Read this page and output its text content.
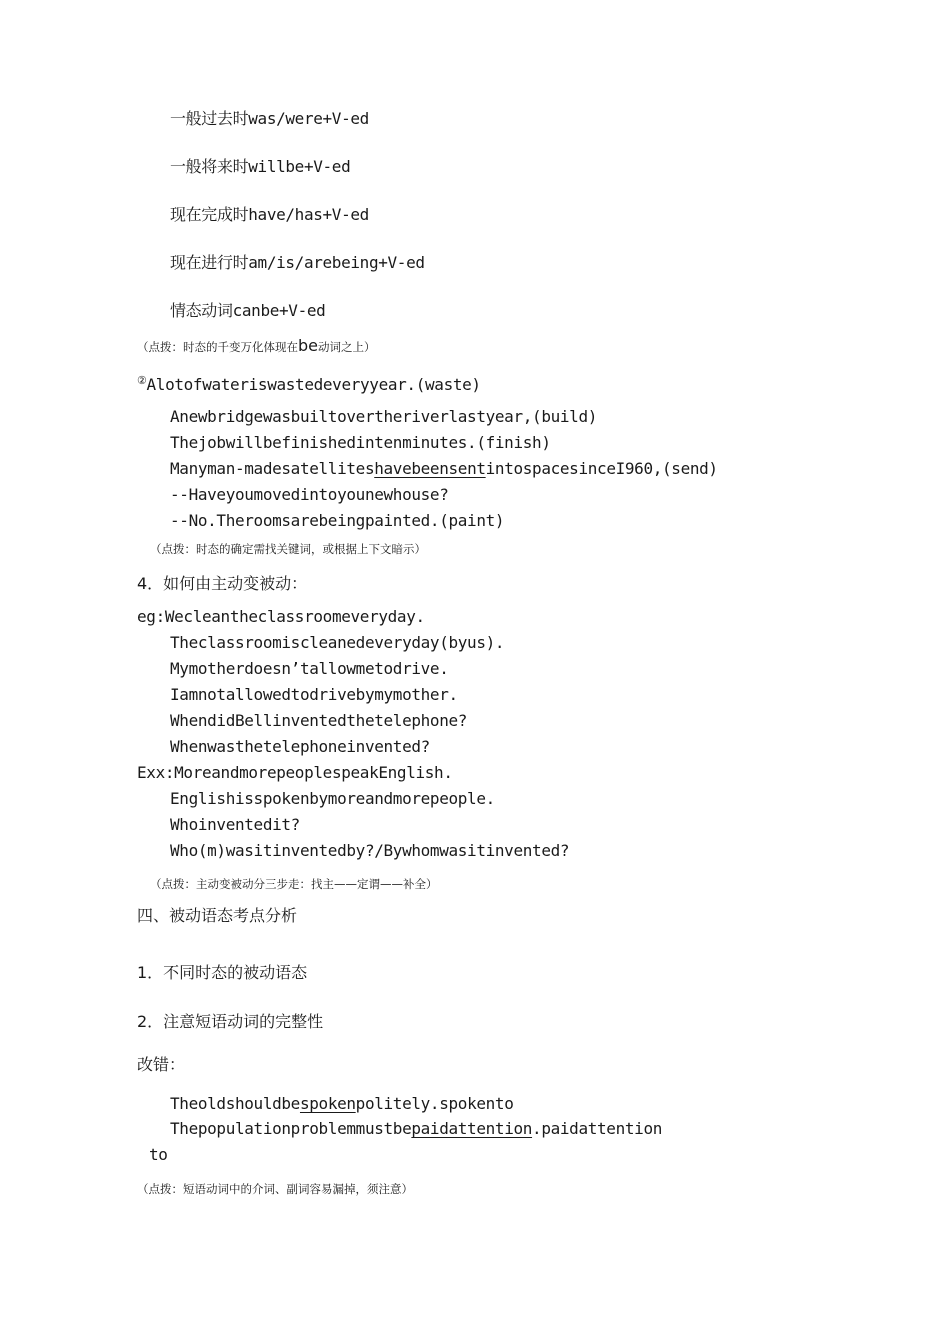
一般过去时was/were+V-ed
一般将来时willbe+V-ed
现在完成时have/has+V-ed
现在进行时am/is/arebeing+V-ed
情态动词canbe+V-ed
（点拨：时态的千变万化体现在be动词之上）
②Alotofwateriswastedeveryyear.(waste)
Anewbridgewasbuiltovertheriverlastyear,(build)
Thejobwillbefinishedintenminutes.(finish)
Manyman-madesatelliteshavebeensentintospacesinceI960,(send)
--Haveyoumovedintoyounewhouse?
--No.Theroomsarebeingpainted.(paint)
（点拨：时态的确定需找关键词，或根据上下文暗示）
4．如何由主动变被动：
eg:Wecleantheclassroomeveryday.
Theclassroomiscleanedeveryday(byus).
Mymotherdoesn’tallowmetodrive.
Iamnotallowedtodrivebymymother.
WhendidBellinventedthetelephone?
Whenwasthetelephoneinvented?
Exx:MoreandmorepeoplespeakEnglish.
Englishisspokenbymoreandmorepeople.
Whoinventedit?
Who(m)wasitinventedby?/Bywhomwasitinvented?
（点拨：主动变被动分三步走：找主——定谓——补全）
四、被动语态考点分析
1．不同时态的被动语态
2．注意短语动词的完整性
改错：
Theoldshouldbespokenpolitely.spokento
Thepopulationproblemmustbepaidattention.paidattention
to
（点拨：短语动词中的介词、副词容易漏掉，须注意）
